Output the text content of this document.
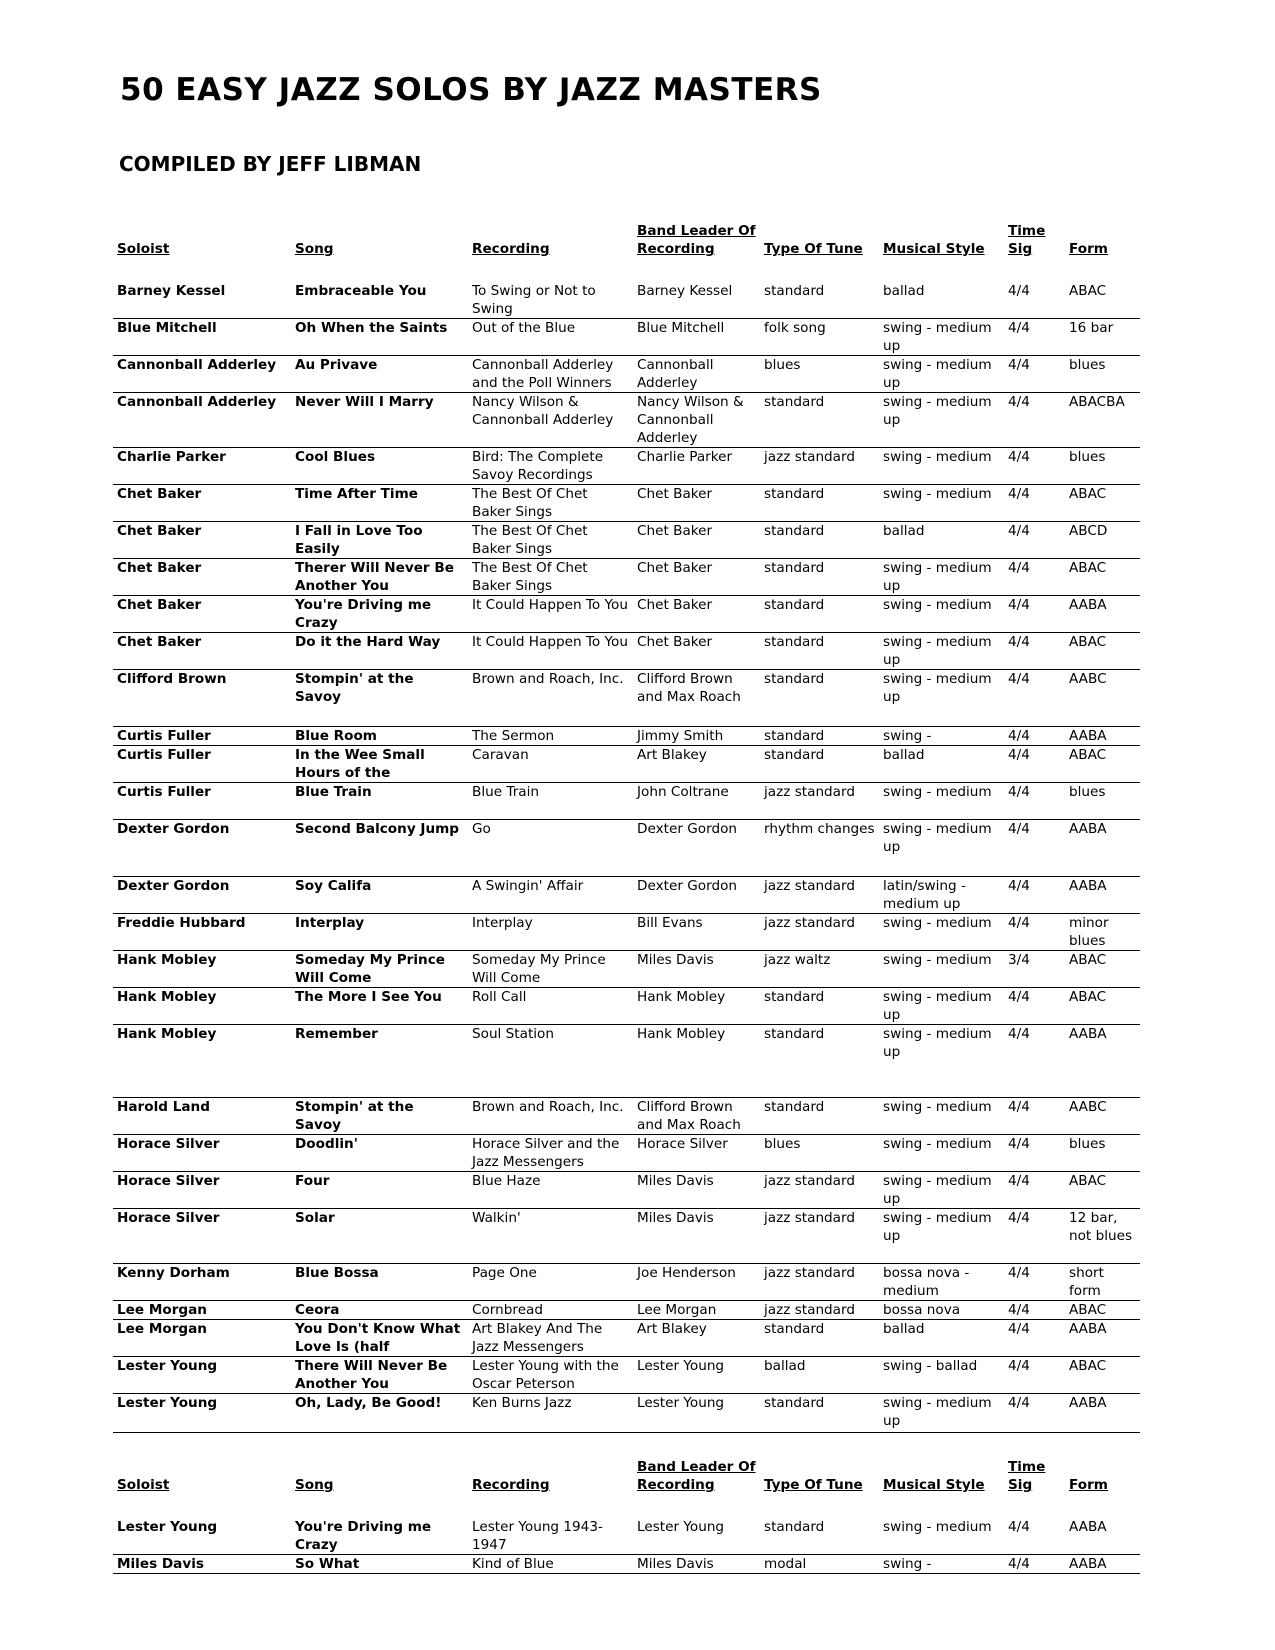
50 EASY JAZZ SOLOS BY JAZZ MASTERS
COMPILED BY JEFF LIBMAN
Soloist	Song	Recording	Band Leader Of Recording	Type Of Tune	Musical Style	Time Sig	Form
Barney Kessel	Embraceable You	To Swing or Not to Swing	Barney Kessel	standard	ballad	4/4	ABAC
Blue Mitchell	Oh When the Saints	Out of the Blue	Blue Mitchell	folk song	swing - medium up	4/4	16 bar
Cannonball Adderley	Au Privave	Cannonball Adderley and the Poll Winners	Cannonball Adderley	blues	swing - medium up	4/4	blues
Cannonball Adderley	Never Will I Marry	Nancy Wilson & Cannonball Adderley	Nancy Wilson & Cannonball Adderley	standard	swing - medium up	4/4	ABACBA
Charlie Parker	Cool Blues	Bird: The Complete Savoy Recordings	Charlie Parker	jazz standard	swing - medium	4/4	blues
Chet Baker	Time After Time	The Best Of Chet Baker Sings	Chet Baker	standard	swing - medium	4/4	ABAC
Chet Baker	I Fall in Love Too Easily	The Best Of Chet Baker Sings	Chet Baker	standard	ballad	4/4	ABCD
Chet Baker	Therer Will Never Be Another You	The Best Of Chet Baker Sings	Chet Baker	standard	swing - medium up	4/4	ABAC
Chet Baker	You're Driving me Crazy	It Could Happen To You	Chet Baker	standard	swing - medium	4/4	AABA
Chet Baker	Do it the Hard Way	It Could Happen To You	Chet Baker	standard	swing - medium up	4/4	ABAC
Clifford Brown	Stompin' at the Savoy	Brown and Roach, Inc.	Clifford Brown and Max Roach	standard	swing - medium up	4/4	AABC
Curtis Fuller	Blue Room	The Sermon	Jimmy Smith	standard	swing -	4/4	AABA
Curtis Fuller	In the Wee Small Hours of the	Caravan	Art Blakey	standard	ballad	4/4	ABAC
Curtis Fuller	Blue Train	Blue Train	John Coltrane	jazz standard	swing - medium	4/4	blues
Dexter Gordon	Second Balcony Jump	Go	Dexter Gordon	rhythm changes	swing - medium up	4/4	AABA
Dexter Gordon	Soy Califa	A Swingin' Affair	Dexter Gordon	jazz standard	latin/swing - medium up	4/4	AABA
Freddie Hubbard	Interplay	Interplay	Bill Evans	jazz standard	swing - medium	4/4	minor blues
Hank Mobley	Someday My Prince Will Come	Someday My Prince Will Come	Miles Davis	jazz waltz	swing - medium	3/4	ABAC
Hank Mobley	The More I See You	Roll Call	Hank Mobley	standard	swing - medium up	4/4	ABAC
Hank Mobley	Remember	Soul Station	Hank Mobley	standard	swing - medium up	4/4	AABA
Harold Land	Stompin' at the Savoy	Brown and Roach, Inc.	Clifford Brown and Max Roach	standard	swing - medium	4/4	AABC
Horace Silver	Doodlin'	Horace Silver and the Jazz Messengers	Horace Silver	blues	swing - medium	4/4	blues
Horace Silver	Four	Blue Haze	Miles Davis	jazz standard	swing - medium up	4/4	ABAC
Horace Silver	Solar	Walkin'	Miles Davis	jazz standard	swing - medium up	4/4	12 bar, not blues
Kenny Dorham	Blue Bossa	Page One	Joe Henderson	jazz standard	bossa nova - medium	4/4	short form
Lee Morgan	Ceora	Cornbread	Lee Morgan	jazz standard	bossa nova	4/4	ABAC
Lee Morgan	You Don't Know What Love Is (half	Art Blakey And The Jazz Messengers	Art Blakey	standard	ballad	4/4	AABA
Lester Young	There Will Never Be Another You	Lester Young with the Oscar Peterson	Lester Young	ballad	swing - ballad	4/4	ABAC
Lester Young	Oh, Lady, Be Good!	Ken Burns Jazz	Lester Young	standard	swing - medium up	4/4	AABA
Soloist	Song	Recording	Band Leader Of Recording	Type Of Tune	Musical Style	Time Sig	Form
Lester Young	You're Driving me Crazy	Lester Young 1943-1947	Lester Young	standard	swing - medium	4/4	AABA
Miles Davis	So What	Kind of Blue	Miles Davis	modal	swing -	4/4	AABA
